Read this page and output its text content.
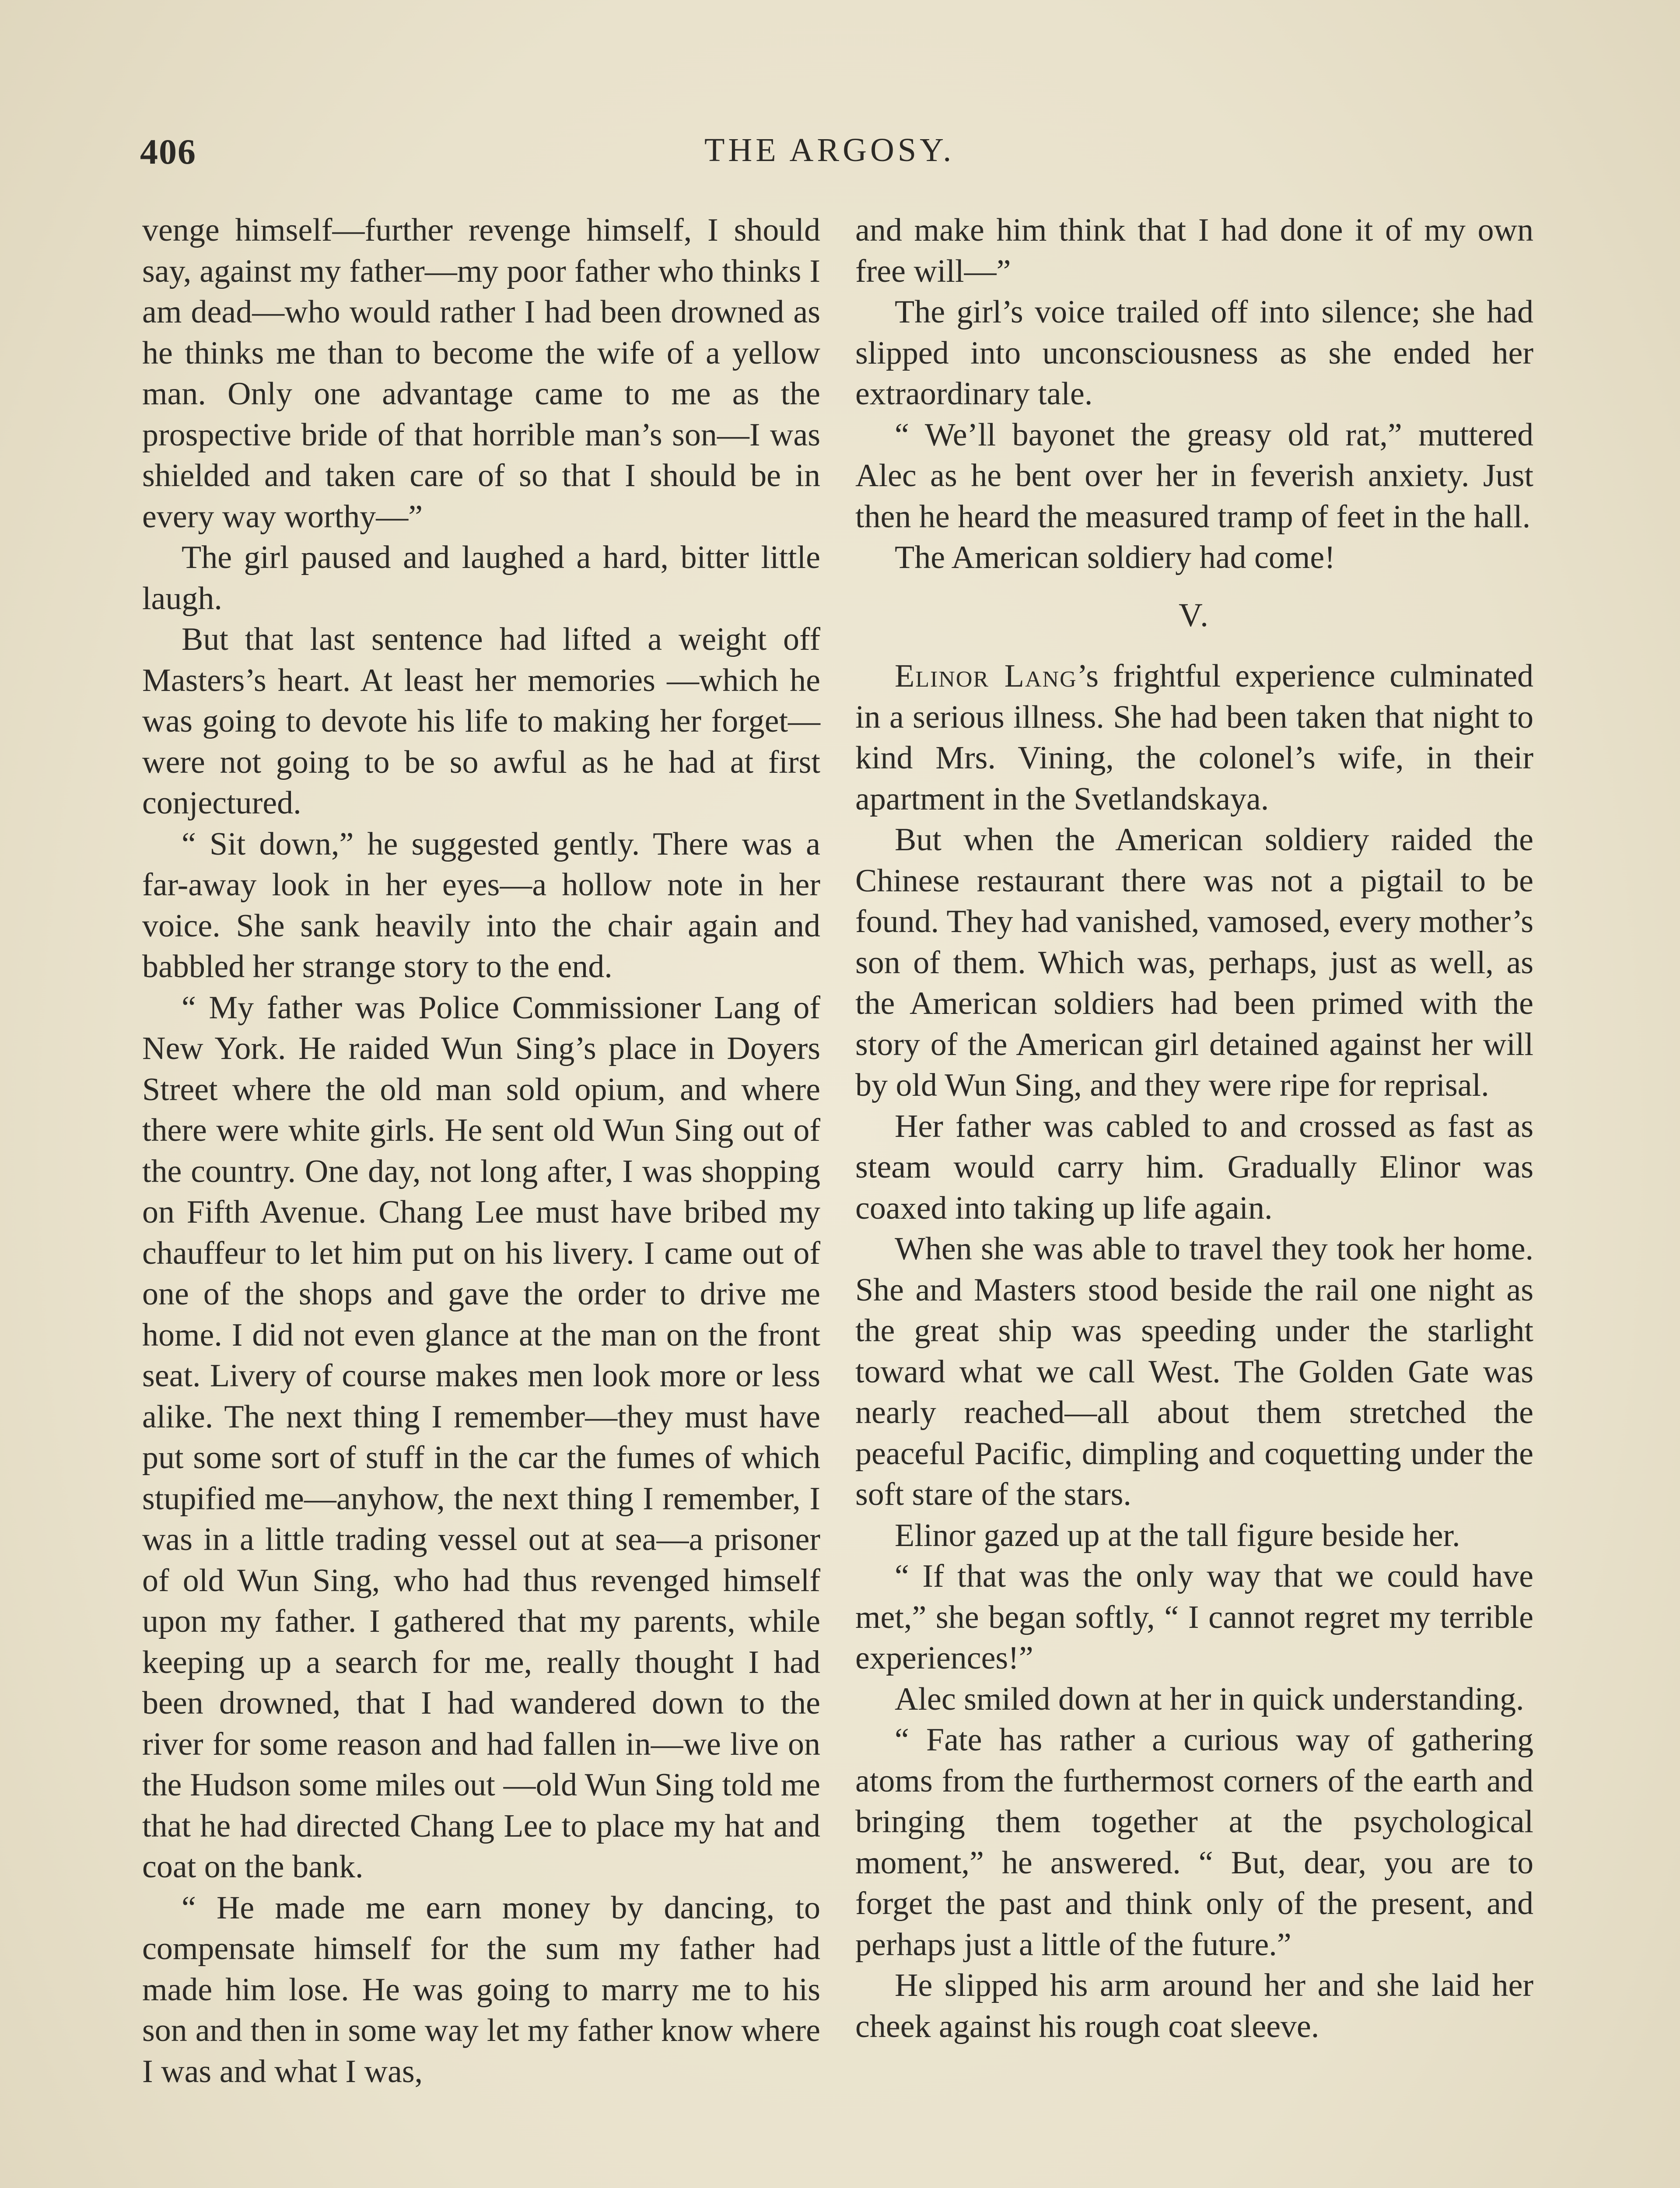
406	THE ARGOSY.

venge himself—further revenge himself, I should say, against my father—my poor father who thinks I am dead—who would rather I had been drowned as he thinks me than to become the wife of a yellow man. Only one advantage came to me as the prospective bride of that horrible man’s son—I was shielded and taken care of so that I should be in every way worthy—”

The girl paused and laughed a hard, bitter little laugh.

But that last sentence had lifted a weight off Masters’s heart. At least her memories —which he was going to devote his life to making her forget—were not going to be so awful as he had at first conjectured.

“ Sit down,” he suggested gently. There was a far-away look in her eyes—a hollow note in her voice. She sank heavily into the chair again and babbled her strange story to the end.

“ My father was Police Commissioner Lang of New York. He raided Wun Sing’s place in Doyers Street where the old man sold opium, and where there were white girls. He sent old Wun Sing out of the country. One day, not long after, I was shopping on Fifth Avenue. Chang Lee must have bribed my chauffeur to let him put on his livery. I came out of one of the shops and gave the order to drive me home. I did not even glance at the man on the front seat. Livery of course makes men look more or less alike. The next thing I remember—they must have put some sort of stuff in the car the fumes of which stupified me—anyhow, the next thing I remember, I was in a little trading vessel out at sea—a prisoner of old Wun Sing, who had thus revenged himself upon my father. I gathered that my parents, while keeping up a search for me, really thought I had been drowned, that I had wandered down to the river for some reason and had fallen in—we live on the Hudson some miles out —old Wun Sing told me that he had directed Chang Lee to place my hat and coat on the bank.

“ He made me earn money by dancing, to compensate himself for the sum my father had made him lose. He was going to marry me to his son and then in some way let my father know where I was and what I was,

and make him think that I had done it of my own free will—”

The girl’s voice trailed off into silence; she had slipped into unconsciousness as she ended her extraordinary tale.

“ We’ll bayonet the greasy old rat,” muttered Alec as he bent over her in feverish anxiety. Just then he heard the measured tramp of feet in the hall.

The American soldiery had come!

V.

Elinor Lang’s frightful experience culminated in a serious illness. She had been taken that night to kind Mrs. Vining, the colonel’s wife, in their apartment in the Svetlandskaya.

But when the American soldiery raided the Chinese restaurant there was not a pigtail to be found. They had vanished, vamosed, every mother’s son of them. Which was, perhaps, just as well, as the American soldiers had been primed with the story of the American girl detained against her will by old Wun Sing, and they were ripe for reprisal.

Her father was cabled to and crossed as fast as steam would carry him. Gradually Elinor was coaxed into taking up life again.

When she was able to travel they took her home. She and Masters stood beside the rail one night as the great ship was speeding under the starlight toward what we call West. The Golden Gate was nearly reached—all about them stretched the peaceful Pacific, dimpling and coquetting under the soft stare of the stars.

Elinor gazed up at the tall figure beside her.

“ If that was the only way that we could have met,” she began softly, “ I cannot regret my terrible experiences!”

Alec smiled down at her in quick understanding.

“ Fate has rather a curious way of gathering atoms from the furthermost corners of the earth and bringing them together at the psychological moment,” he answered. “ But, dear, you are to forget the past and think only of the present, and perhaps just a little of the future.”

He slipped his arm around her and she laid her cheek against his rough coat sleeve.
